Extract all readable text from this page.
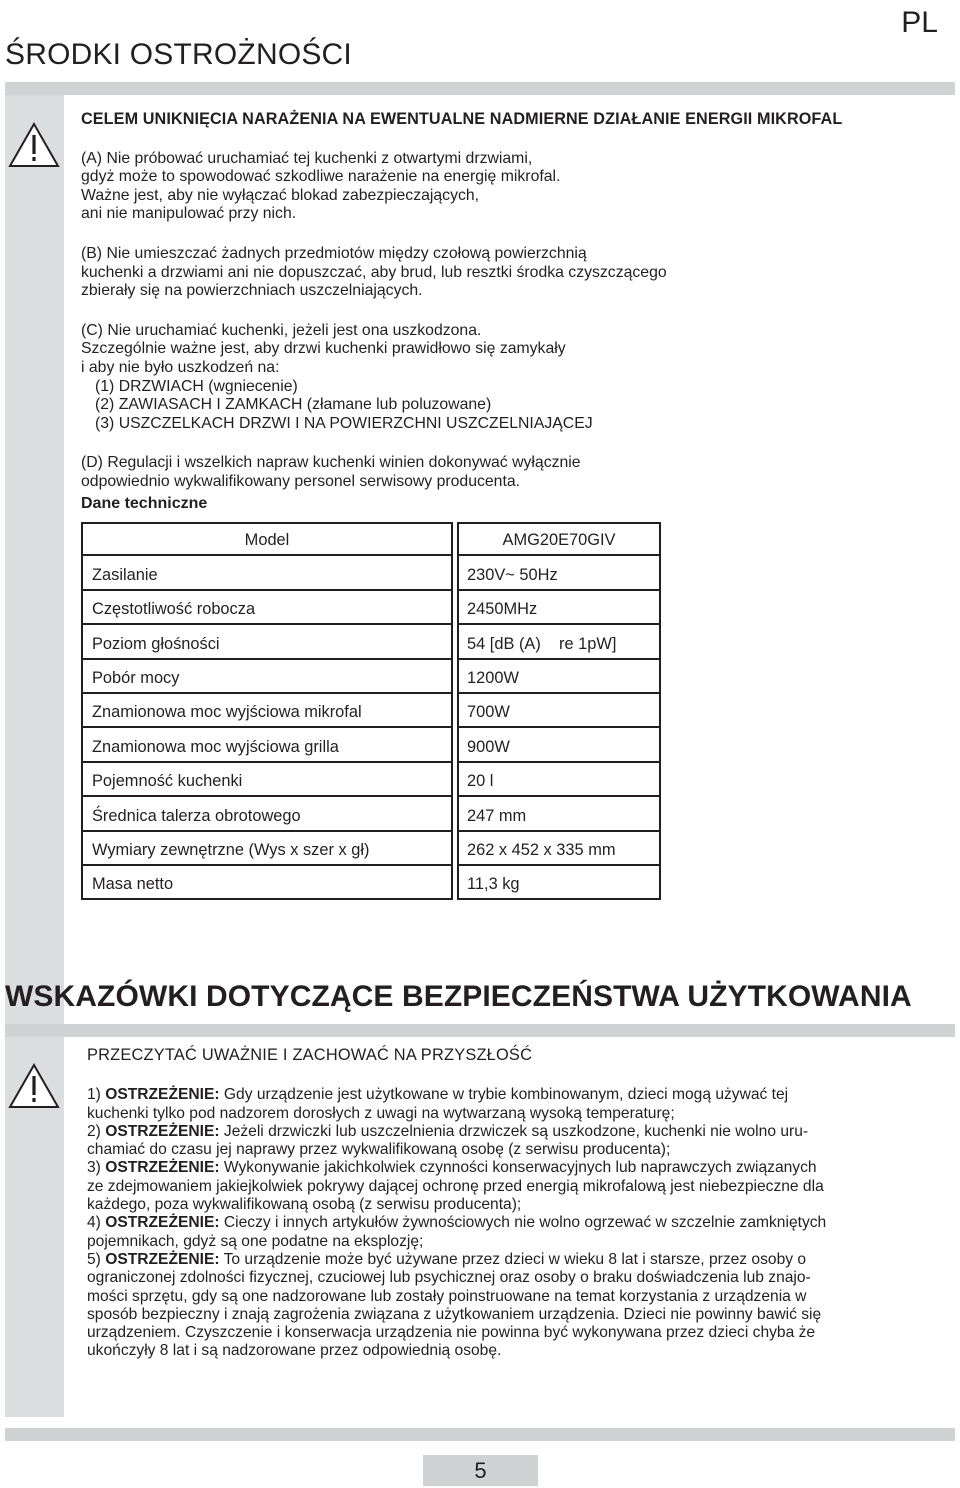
PL
ŚRODKI OSTROŻNOŚCI
CELEM UNIKNIĘCIA NARAŻENIA NA EWENTUALNE NADMIERNE DZIAŁANIE ENERGII MIKROFAL

(A) Nie próbować uruchamiać tej kuchenki z otwartymi drzwiami,

gdyż może to spowodować szkodliwe narażenie na energię mikrofal.

Ważne jest, aby nie wyłączać blokad zabezpieczających,

ani nie manipulować przy nich.

(B) Nie umieszczać żadnych przedmiotów między czołową powierzchnią

kuchenki a drzwiami ani nie dopuszczać, aby brud, lub resztki środka czyszczącego

zbierały się na powierzchniach uszczelniających.

(C) Nie uruchamiać kuchenki, jeżeli jest ona uszkodzona.

Szczególnie ważne jest, aby drzwi kuchenki prawidłowo się zamykały

i aby nie było uszkodzeń na:

(1) DRZWIACH (wgniecenie)

(2) ZAWIASACH I ZAMKACH (złamane lub poluzowane)

(3) USZCZELKACH DRZWI I NA POWIERZCHNI USZCZELNIAJĄCEJ

(D) Regulacji i wszelkich napraw kuchenki winien dokonywać wyłącznie

odpowiednio wykwalifikowany personel serwisowy producenta.

Dane techniczne
Model	AMG20E70GIV
Zasilanie	230V~ 50Hz
Częstotliwość robocza	2450MHz
Poziom głośności	54 [dB (A)    re 1pW]
Pobór mocy	1200W
Znamionowa moc wyjściowa mikrofal	700W
Znamionowa moc wyjściowa grilla	900W
Pojemność kuchenki	20 l
Średnica talerza obrotowego	247 mm
Wymiary zewnętrzne (Wys x szer x gł)	262 x 452 x 335 mm
Masa netto	11,3 kg
WSKAZÓWKI DOTYCZĄCE BEZPIECZEŃSTWA UŻYTKOWANIA
PRZECZYTAĆ UWAŻNIE I ZACHOWAĆ NA PRZYSZŁOŚĆ

1) OSTRZEŻENIE: Gdy urządzenie jest użytkowane w trybie kombinowanym, dzieci mogą używać tej

kuchenki tylko pod nadzorem dorosłych z uwagi na wytwarzaną wysoką temperaturę;

2) OSTRZEŻENIE: Jeżeli drzwiczki lub uszczelnienia drzwiczek są uszkodzone, kuchenki nie wolno uru-

chamiać do czasu jej naprawy przez wykwalifikowaną osobę (z serwisu producenta);

3) OSTRZEŻENIE: Wykonywanie jakichkolwiek czynności konserwacyjnych lub naprawczych związanych

ze zdejmowaniem jakiejkolwiek pokrywy dającej ochronę przed energią mikrofalową jest niebezpieczne dla

każdego, poza wykwalifikowaną osobą (z serwisu producenta);

4) OSTRZEŻENIE: Cieczy i innych artykułów żywnościowych nie wolno ogrzewać w szczelnie zamkniętych

pojemnikach, gdyż są one podatne na eksplozję;

5) OSTRZEŻENIE: To urządzenie może być używane przez dzieci w wieku 8 lat i starsze, przez osoby o

ograniczonej zdolności fizycznej, czuciowej lub psychicznej oraz osoby o braku doświadczenia lub znajo-

mości sprzętu, gdy są one nadzorowane lub zostały poinstruowane na temat korzystania z urządzenia w

sposób bezpieczny i znają zagrożenia związana z użytkowaniem urządzenia. Dzieci nie powinny bawić się

urządzeniem. Czyszczenie i konserwacja urządzenia nie powinna być wykonywana przez dzieci chyba że

ukończyły 8 lat i są nadzorowane przez odpowiednią osobę.

5
